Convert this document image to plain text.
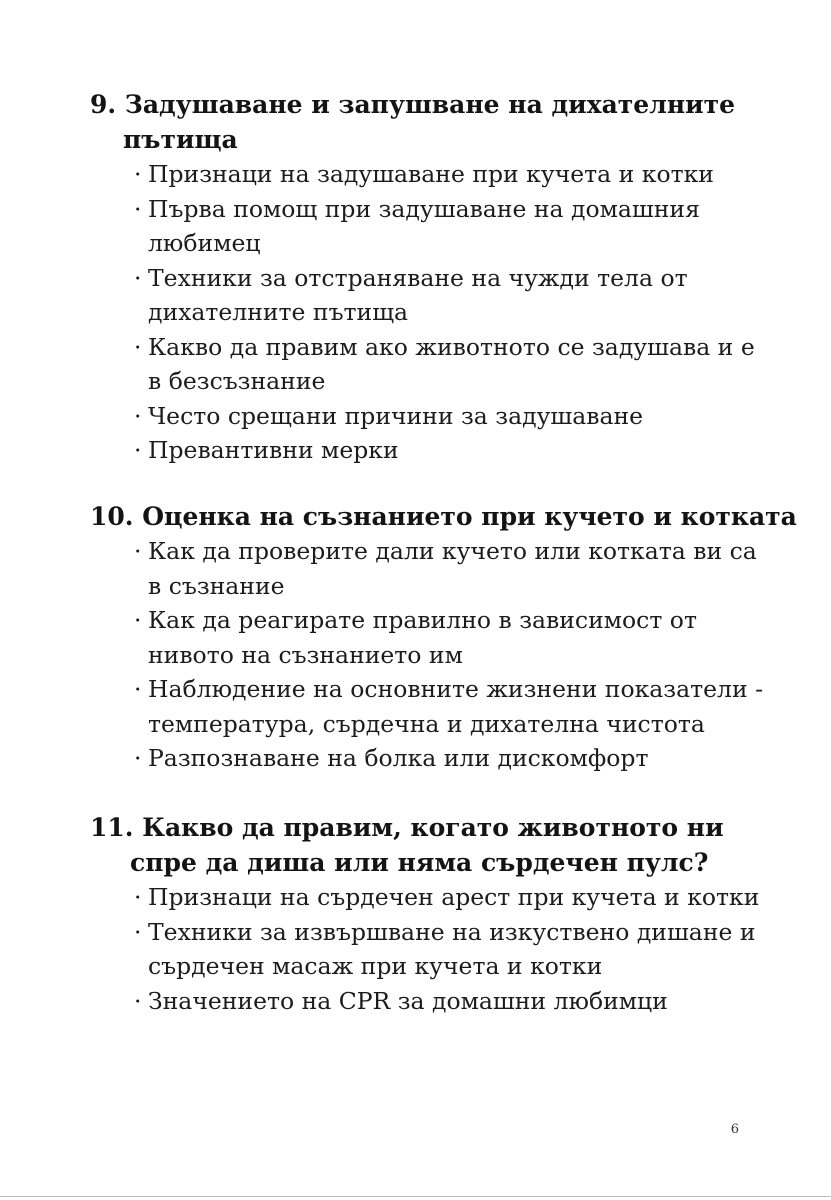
9. Задушаване и запушване на дихателните
пътища
· Признаци на задушаване при кучета и котки
· Първа помощ при задушаване на домашния
любимец
· Техники за отстраняване на чужди тела от
дихателните пътища
· Какво да правим ако животното се задушава и е
в безсъзнание
· Често срещани причини за задушаване
· Превантивни мерки
10. Оценка на съзнанието при кучето и котката
· Как да проверите дали кучето или котката ви са
в съзнание
· Как да реагирате правилно в зависимост от
нивото на съзнанието им
· Наблюдение на основните жизнени показатели -
температура, сърдечна и дихателна чистота
· Разпознаване на болка или дискомфорт
11. Какво да правим, когато животното ни
спре да диша или няма сърдечен пулс?
· Признаци на сърдечен арест при кучета и котки
· Техники за извършване на изкуствено дишане и
сърдечен масаж при кучета и котки
· Значението на CPR за домашни любимци
6
